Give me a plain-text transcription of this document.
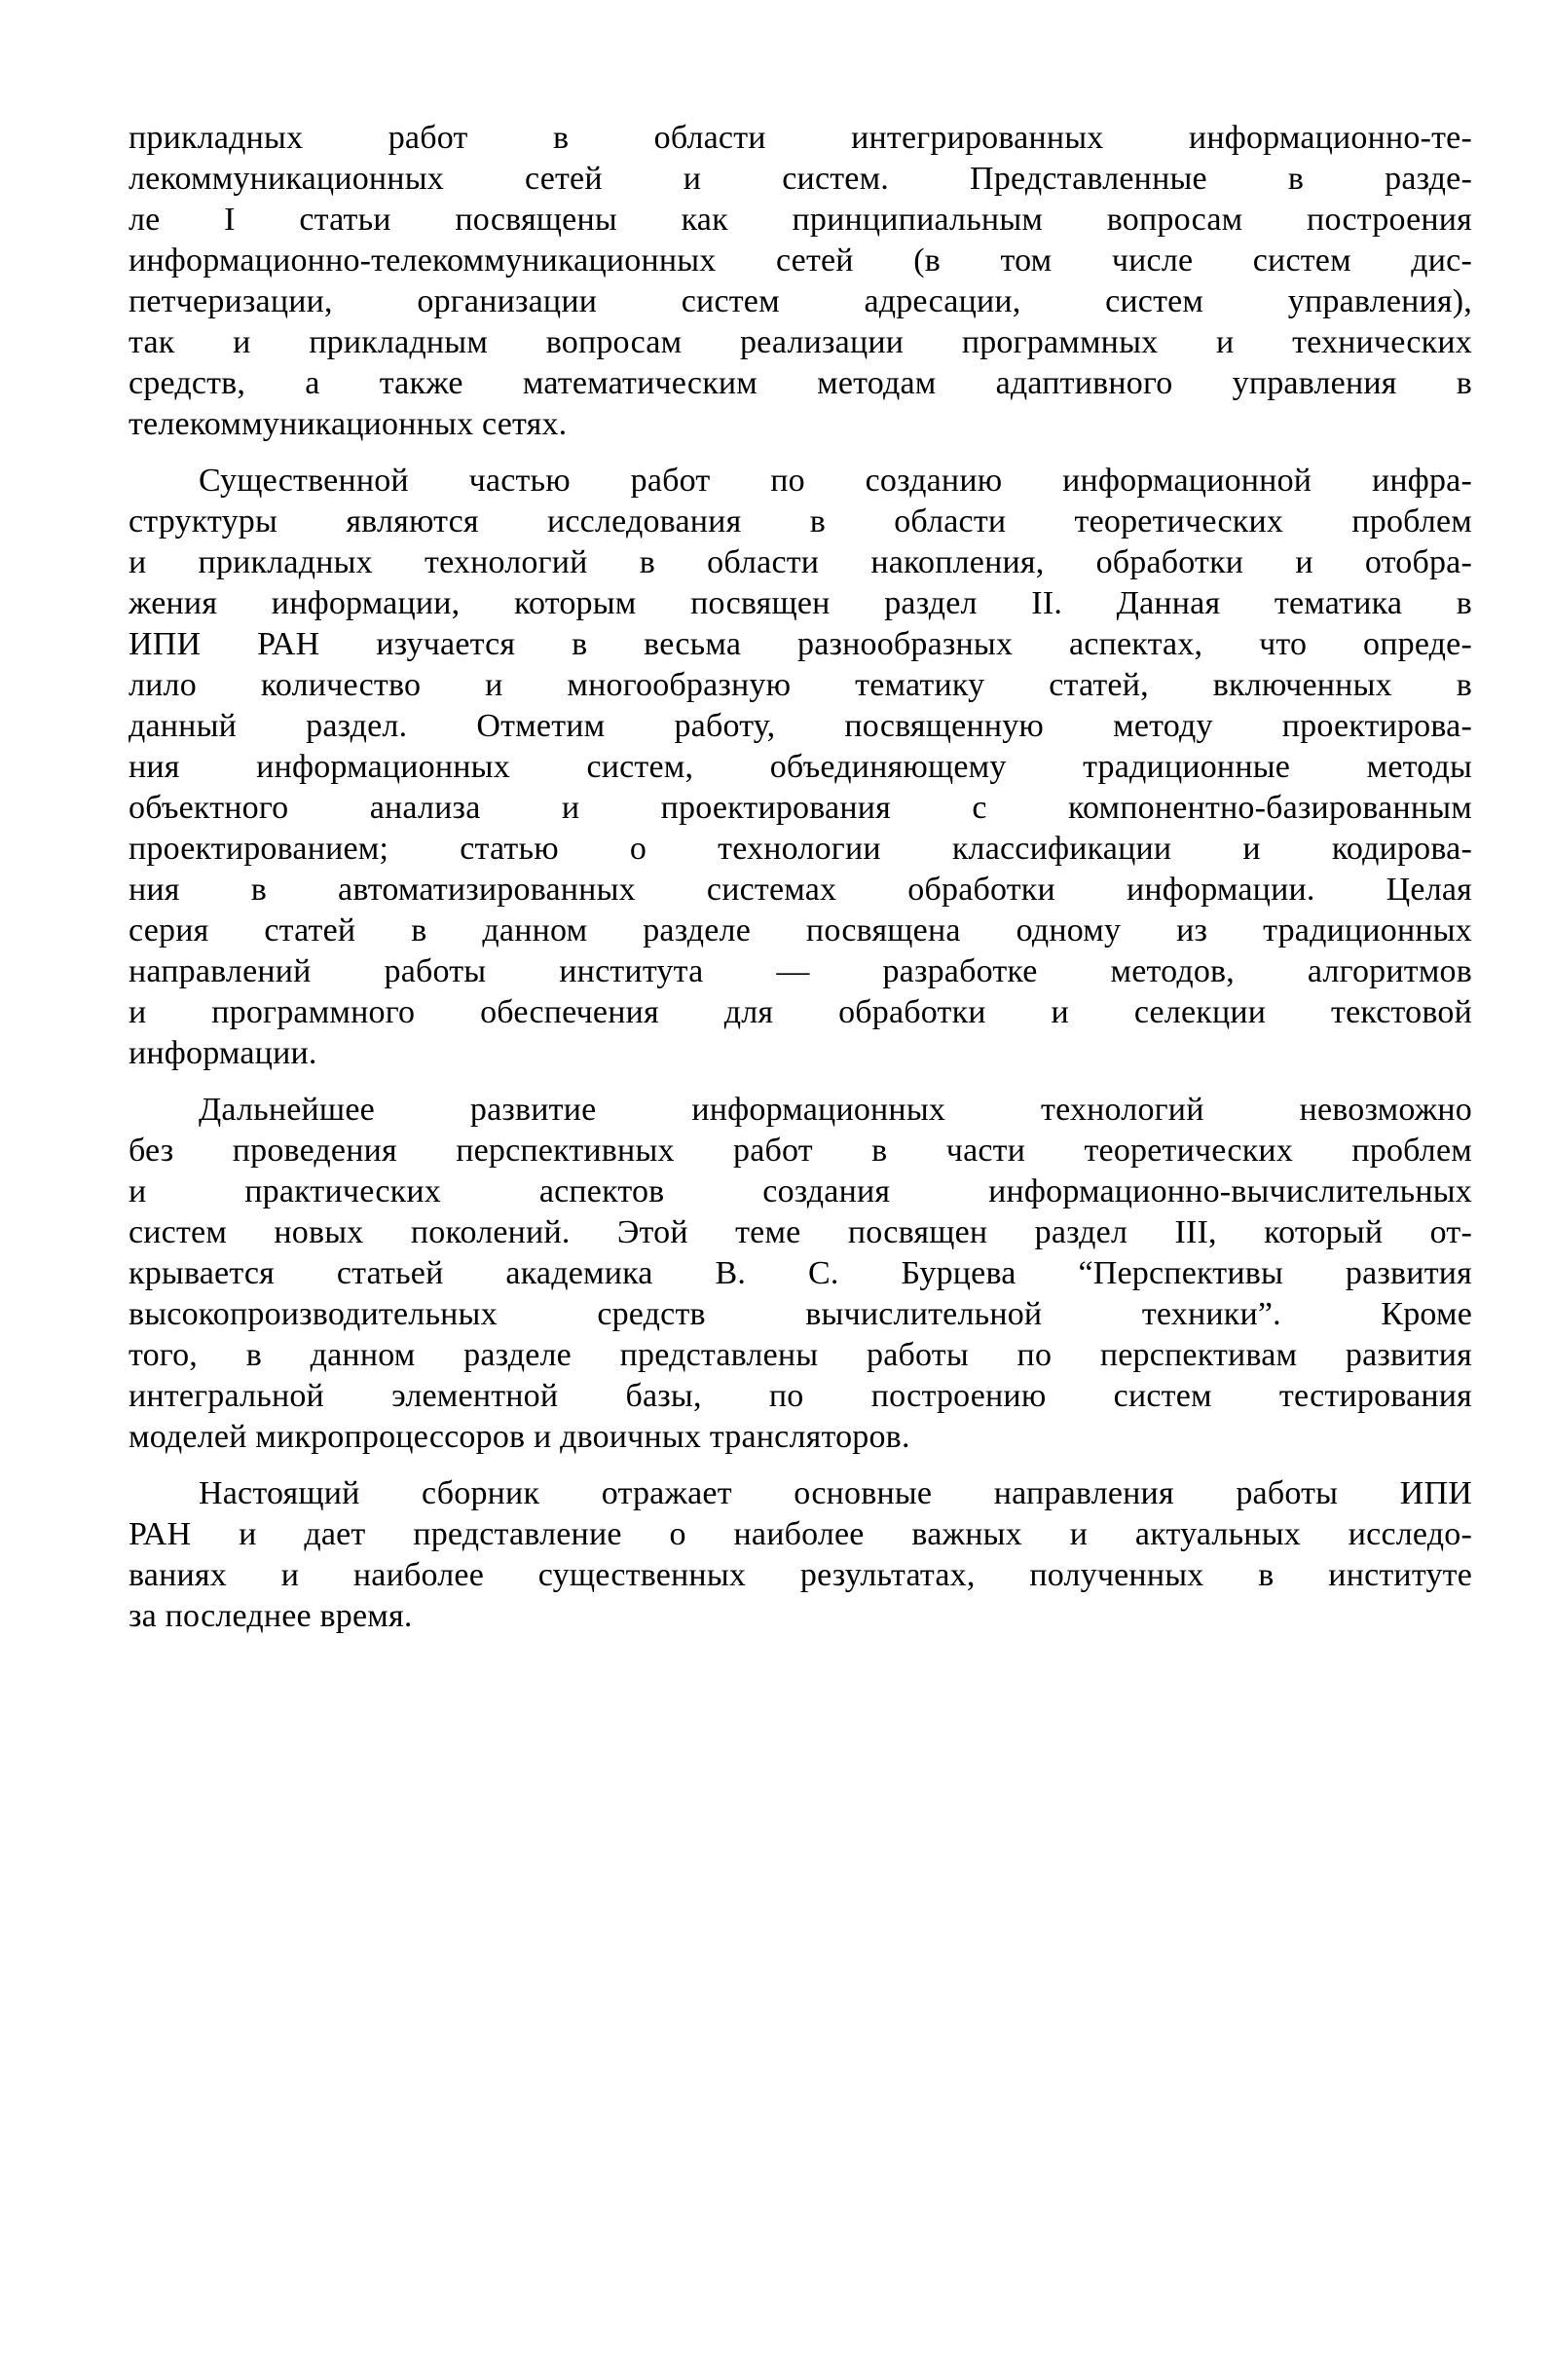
прикладных работ в области интегрированных информационно-те-
лекоммуникационных сетей и систем. Представленные в разде-
ле I статьи посвящены как принципиальным вопросам построения
информационно-телекоммуникационных сетей (в том числе систем дис-
петчеризации, организации систем адресации, систем управления),
так и прикладным вопросам реализации программных и технических
средств, а также математическим методам адаптивного управления в
телекоммуникационных сетях.

Существенной частью работ по созданию информационной инфра-
структуры являются исследования в области теоретических проблем
и прикладных технологий в области накопления, обработки и отобра-
жения информации, которым посвящен раздел II. Данная тематика в
ИПИ РАН изучается в весьма разнообразных аспектах, что опреде-
лило количество и многообразную тематику статей, включенных в
данный раздел. Отметим работу, посвященную методу проектирова-
ния информационных систем, объединяющему традиционные методы
объектного анализа и проектирования с компонентно-базированным
проектированием; статью о технологии классификации и кодирова-
ния в автоматизированных системах обработки информации. Целая
серия статей в данном разделе посвящена одному из традиционных
направлений работы института — разработке методов, алгоритмов
и программного обеспечения для обработки и селекции текстовой
информации.

Дальнейшее развитие информационных технологий невозможно
без проведения перспективных работ в части теоретических проблем
и практических аспектов создания информационно-вычислительных
систем новых поколений. Этой теме посвящен раздел III, который от-
крывается статьей академика В. С. Бурцева “Перспективы развития
высокопроизводительных средств вычислительной техники”. Кроме
того, в данном разделе представлены работы по перспективам развития
интегральной элементной базы, по построению систем тестирования
моделей микропроцессоров и двоичных трансляторов.

Настоящий сборник отражает основные направления работы ИПИ
РАН и дает представление о наиболее важных и актуальных исследо-
ваниях и наиболее существенных результатах, полученных в институте
за последнее время.
